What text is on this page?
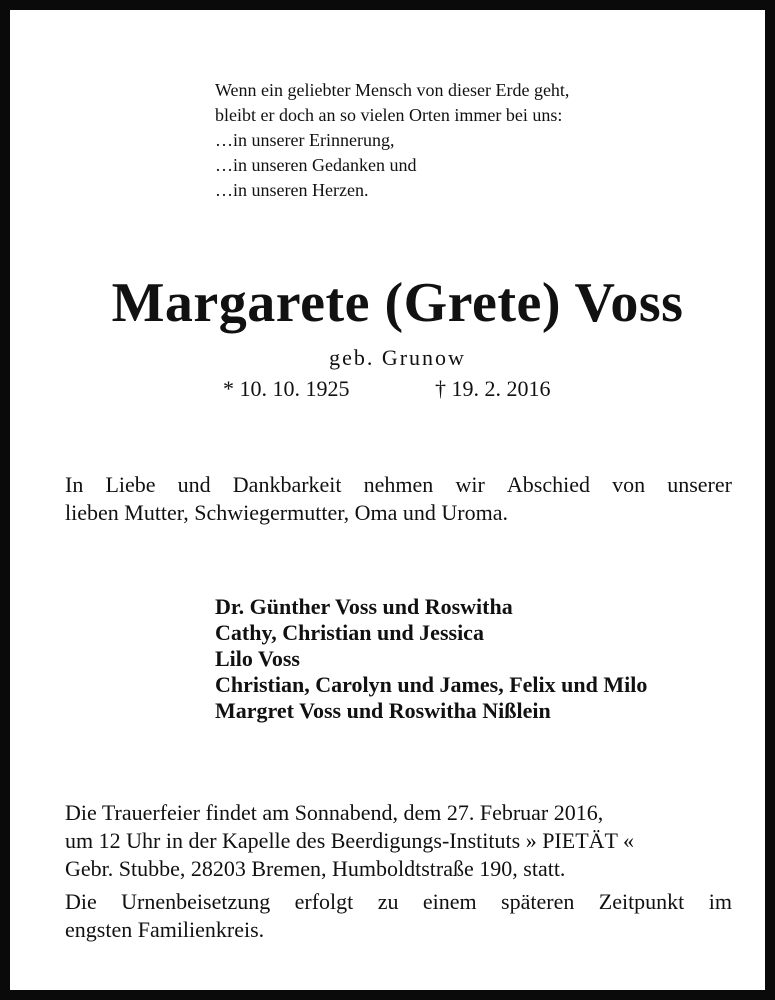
Wenn ein geliebter Mensch von dieser Erde geht,
bleibt er doch an so vielen Orten immer bei uns:
…in unserer Erinnerung,
…in unseren Gedanken und
…in unseren Herzen.
Margarete (Grete) Voss
geb. Grunow
* 10. 10. 1925	† 19. 2. 2016
In Liebe und Dankbarkeit nehmen wir Abschied von unserer
lieben Mutter, Schwiegermutter, Oma und Uroma.
Dr. Günther Voss und Roswitha
Cathy, Christian und Jessica
Lilo Voss
Christian, Carolyn und James, Felix und Milo
Margret Voss und Roswitha Nißlein
Die Trauerfeier findet am Sonnabend, dem 27. Februar 2016,
um 12 Uhr in der Kapelle des Beerdigungs-Instituts » PIETÄT «
Gebr. Stubbe, 28203 Bremen, Humboldtstraße 190, statt.
Die Urnenbeisetzung erfolgt zu einem späteren Zeitpunkt im
engsten Familienkreis.
